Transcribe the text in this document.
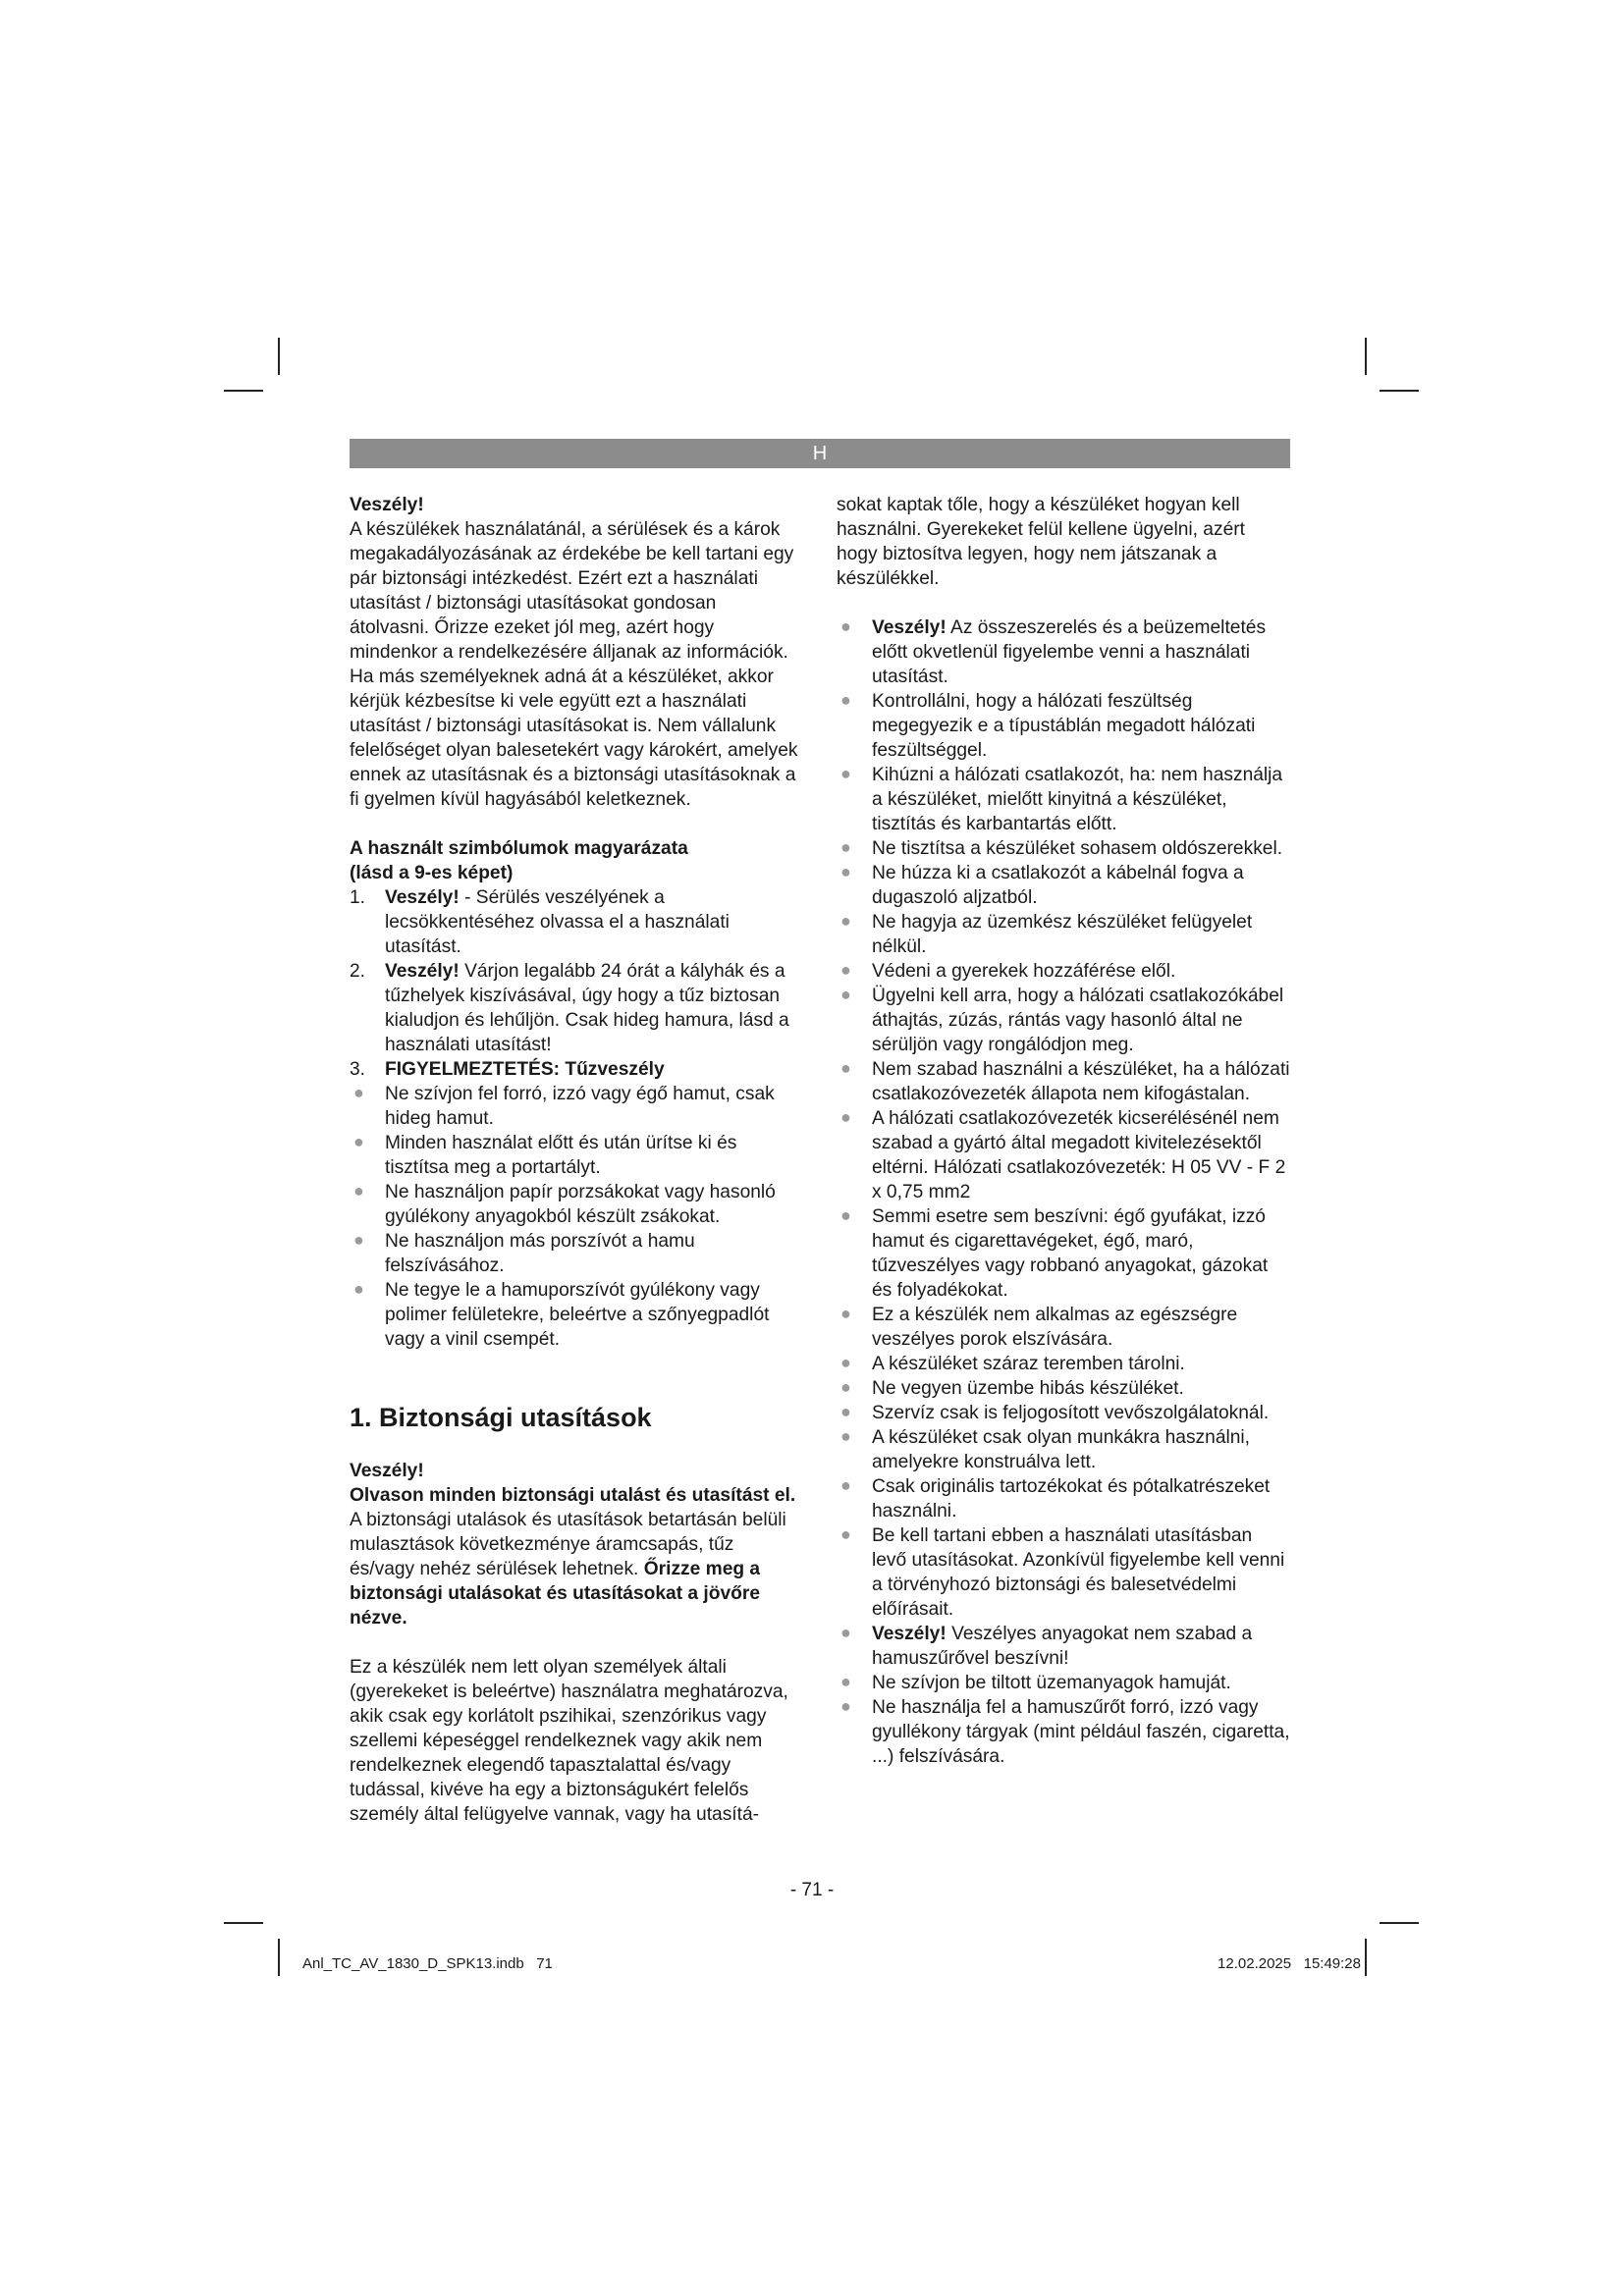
H

Veszély!

A készülékek használatánál, a sérülések és a károk megakadályozásának az érdekébe be kell tartani egy pár biztonsági intézkedést. Ezért ezt a használati utasítást / biztonsági utasításokat gondosan átolvasni. Őrizze ezeket jól meg, azért hogy mindenkor a rendelkezésére álljanak az információk. Ha más személyeknek adná át a készüléket, akkor kérjük kézbesítse ki vele együtt ezt a használati utasítást / biztonsági utasításokat is. Nem vállalunk felelőséget olyan balesetekért vagy károkért, amelyek ennek az utasításnak és a biztonsági utasításoknak a fi gyelmen kívül hagyásából keletkeznek.

A használt szimbólumok magyarázata

(lásd a 9-es képet)

1. Veszély! - Sérülés veszélyének a lecsökkentéséhez olvassa el a használati utasítást.
2. Veszély! Várjon legalább 24 órát a kályhák és a tűzhelyek kiszívásával, úgy hogy a tűz biztosan kialudjon és lehűljön. Csak hideg hamura, lásd a használati utasítást!
3. FIGYELMEZTETÉS: Tűzveszély
● Ne szívjon fel forró, izzó vagy égő hamut, csak hideg hamut.
● Minden használat előtt és után ürítse ki és tisztítsa meg a portartályt.
● Ne használjon papír porzsákokat vagy hasonló gyúlékony anyagokból készült zsákokat.
● Ne használjon más porszívót a hamu felszívásához.
● Ne tegye le a hamuporszívót gyúlékony vagy polimer felületekre, beleértve a szőnyegpadlót vagy a vinil csempét.

1. Biztonsági utasítások

Veszély!

Olvason minden biztonsági utalást és utasítást el. A biztonsági utalások és utasítások betartásán belüli mulasztások következménye áramcsapás, tűz és/vagy nehéz sérülések lehetnek. Őrizze meg a biztonsági utalásokat és utasításokat a jövőre nézve.

Ez a készülék nem lett olyan személyek általi (gyerekeket is beleértve) használatra meghatározva, akik csak egy korlátolt pszihikai, szenzórikus vagy szellemi képeséggel rendelkeznek vagy akik nem rendelkeznek elegendő tapasztalattal és/vagy tudással, kivéve ha egy a biztonságukért felelős személy által felügyelve vannak, vagy ha utasítá-

sokat kaptak tőle, hogy a készüléket hogyan kell használni. Gyerekeket felül kellene ügyelni, azért hogy biztosítva legyen, hogy nem játszanak a készülékkel.

● Veszély! Az összeszerelés és a beüzemeltetés előtt okvetlenül figyelembe venni a használati utasítást.
● Kontrollálni, hogy a hálózati feszültség megegyezik e a típustáblán megadott hálózati feszültséggel.
● Kihúzni a hálózati csatlakozót, ha: nem használja a készüléket, mielőtt kinyitná a készüléket, tisztítás és karbantartás előtt.
● Ne tisztítsa a készüléket sohasem oldószerekkel.
● Ne húzza ki a csatlakozót a kábelnál fogva a dugaszoló aljzatból.
● Ne hagyja az üzemkész készüléket felügyelet nélkül.
● Védeni a gyerekek hozzáférése elől.
● Ügyelni kell arra, hogy a hálózati csatlakozókábel áthajtás, zúzás, rántás vagy hasonló által ne sérüljön vagy rongálódjon meg.
● Nem szabad használni a készüléket, ha a hálózati csatlakozóvezeték állapota nem kifogástalan.
● A hálózati csatlakozóvezeték kicserélésénél nem szabad a gyártó által megadott kivitelezésektől eltérni. Hálózati csatlakozóvezeték: H 05 VV - F 2 x 0,75 mm2
● Semmi esetre sem beszívni: égő gyufákat, izzó hamut és cigarettavégeket, égő, maró, tűzveszélyes vagy robbanó anyagokat, gázokat és folyadékokat.
● Ez a készülék nem alkalmas az egészségre veszélyes porok elszívására.
● A készüléket száraz teremben tárolni.
● Ne vegyen üzembe hibás készüléket.
● Szervíz csak is feljogosított vevőszolgálatoknál.
● A készüléket csak olyan munkákra használni, amelyekre konstruálva lett.
● Csak originális tartozékokat és pótalkatrészeket használni.
● Be kell tartani ebben a használati utasításban levő utasításokat. Azonkívül figyelembe kell venni a törvényhozó biztonsági és balesetvédelmi előírásait.
● Veszély! Veszélyes anyagokat nem szabad a hamuszűrővel beszívni!
● Ne szívjon be tiltott üzemanyagok hamuját.
● Ne használja fel a hamuszűrőt forró, izzó vagy gyullékony tárgyak (mint például faszén, cigaretta, ...) felszívására.
- 71 -
Anl_TC_AV_1830_D_SPK13.indb   71	12.02.2025   15:49:28
